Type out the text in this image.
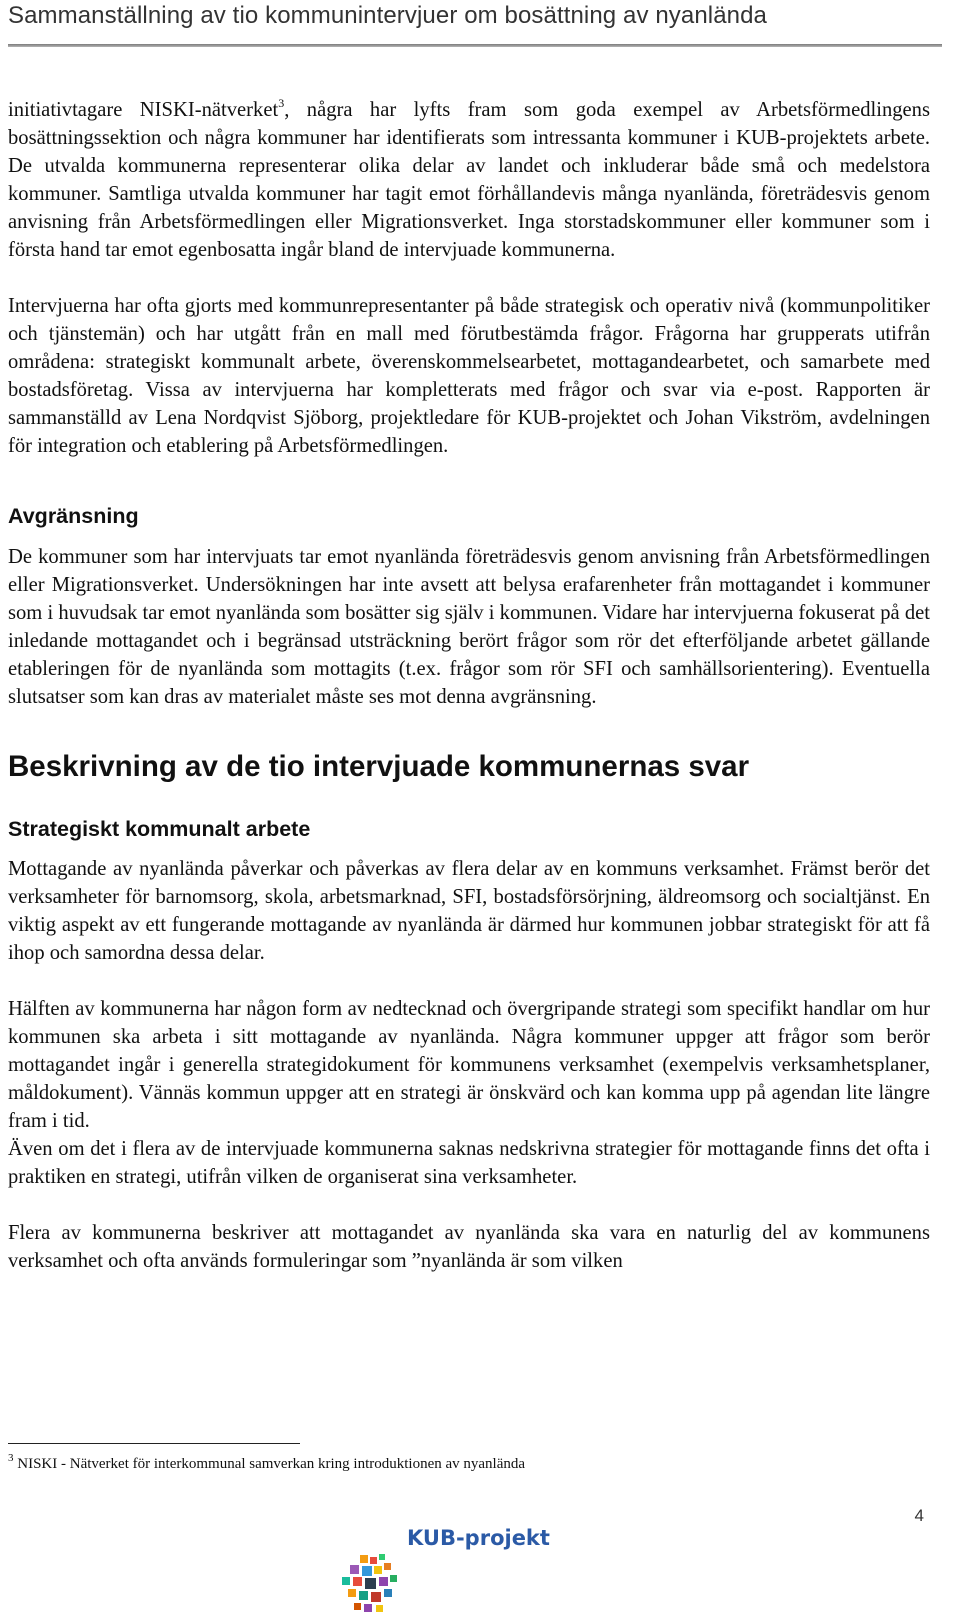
Sammanställning av tio kommunintervjuer om bosättning av nyanlända

initiativtagare NISKI-nätverket$^3$, några har lyfts fram som goda exempel av Arbetsförmedlingens bosättningssektion och några kommuner har identifierats som intressanta kommuner i KUB-projektets arbete. De utvalda kommunerna representerar olika delar av landet och inkluderar både små och medelstora kommuner. Samtliga utvalda kommuner har tagit emot förhållandevis många nyanlända, företrädesvis genom anvisning från Arbetsförmedlingen eller Migrationsverket. Inga storstadskommuner eller kommuner som i första hand tar emot egenbosatta ingår bland de intervjuade kommunerna.

Intervjuerna har ofta gjorts med kommunrepresentanter på både strategisk och operativ nivå (kommunpolitiker och tjänstemän) och har utgått från en mall med förutbestämda frågor. Frågorna har grupperats utifrån områdena: strategiskt kommunalt arbete, överenskommelsearbetet, mottagandearbetet, och samarbete med bostadsföretag. Vissa av intervjuerna har kompletterats med frågor och svar via e-post. Rapporten är sammanställd av Lena Nordqvist Sjöborg, projektledare för KUB-projektet och Johan Vikström, avdelningen för integration och etablering på Arbetsförmedlingen.

Avgränsning

De kommuner som har intervjuats tar emot nyanlända företrädesvis genom anvisning från Arbetsförmedlingen eller Migrationsverket. Undersökningen har inte avsett att belysa erafarenheter från mottagandet i kommuner som i huvudsak tar emot nyanlända som bosätter sig själv i kommunen. Vidare har intervjuerna fokuserat på det inledande mottagandet och i begränsad utsträckning berört frågor som rör det efterföljande arbetet gällande etableringen för de nyanlända som mottagits (t.ex. frågor som rör SFI och samhällsorientering). Eventuella slutsatser som kan dras av materialet måste ses mot denna avgränsning.

Beskrivning av de tio intervjuade kommunernas svar
Strategiskt kommunalt arbete

Mottagande av nyanlända påverkar och påverkas av flera delar av en kommuns verksamhet. Främst berör det verksamheter för barnomsorg, skola, arbetsmarknad, SFI, bostadsförsörjning, äldreomsorg och socialtjänst. En viktig aspekt av ett fungerande mottagande av nyanlända är därmed hur kommunen jobbar strategiskt för att få ihop och samordna dessa delar.

Hälften av kommunerna har någon form av nedtecknad och övergripande strategi som specifikt handlar om hur kommunen ska arbeta i sitt mottagande av nyanlända. Några kommuner uppger att frågor som berör mottagandet ingår i generella strategidokument för kommunens verksamhet (exempelvis verksamhetsplaner, måldokument). Vännäs kommun uppger att en strategi är önskvärd och kan komma upp på agendan lite längre fram i tid.

Även om det i flera av de intervjuade kommunerna saknas nedskrivna strategier för mottagande finns det ofta i praktiken en strategi, utifrån vilken de organiserat sina verksamheter.

Flera av kommunerna beskriver att mottagandet av nyanlända ska vara en naturlig del av kommunens verksamhet och ofta används formuleringar som ”nyanlända är som vilken

$^3$ NISKI - Nätverket för interkommunal samverkan kring introduktionen av nyanlända
4
KUB-projekt
